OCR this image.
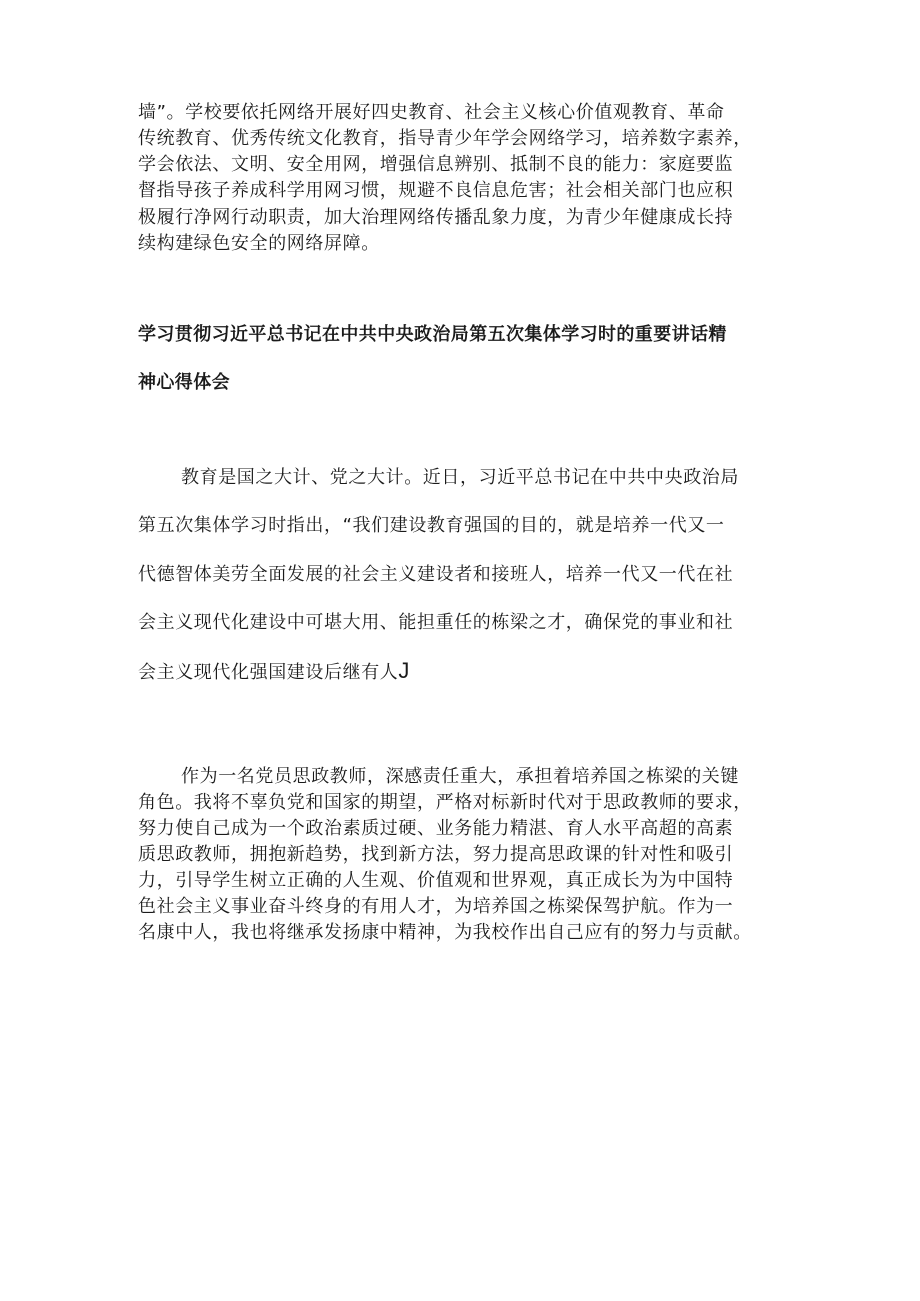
墙”。学校要依托网络开展好四史教育、社会主义核心价值观教育、革命
传统教育、优秀传统文化教育，指导青少年学会网络学习，培养数字素养，
学会依法、文明、安全用网，增强信息辨别、抵制不良的能力：家庭要监
督指导孩子养成科学用网习惯，规避不良信息危害；社会相关部门也应积
极履行净网行动职责，加大治理网络传播乱象力度，为青少年健康成长持
续构建绿色安全的网络屏障。
学习贯彻习近平总书记在中共中央政治局第五次集体学习时的重要讲话精
神心得体会
教育是国之大计、党之大计。近日，习近平总书记在中共中央政治局
第五次集体学习时指出，“我们建设教育强国的目的，就是培养一代又一
代德智体美劳全面发展的社会主义建设者和接班人，培养一代又一代在社
会主义现代化建设中可堪大用、能担重任的栋梁之才，确保党的事业和社
会主义现代化强国建设后继有人J
作为一名党员思政教师，深感责任重大，承担着培养国之栋梁的关键
角色。我将不辜负党和国家的期望，严格对标新时代对于思政教师的要求，
努力使自己成为一个政治素质过硬、业务能力精湛、育人水平高超的高素
质思政教师，拥抱新趋势，找到新方法，努力提高思政课的针对性和吸引
力，引导学生树立正确的人生观、价值观和世界观，真正成长为为中国特
色社会主义事业奋斗终身的有用人才，为培养国之栋梁保驾护航。作为一
名康中人，我也将继承发扬康中精神，为我校作出自己应有的努力与贡献。
